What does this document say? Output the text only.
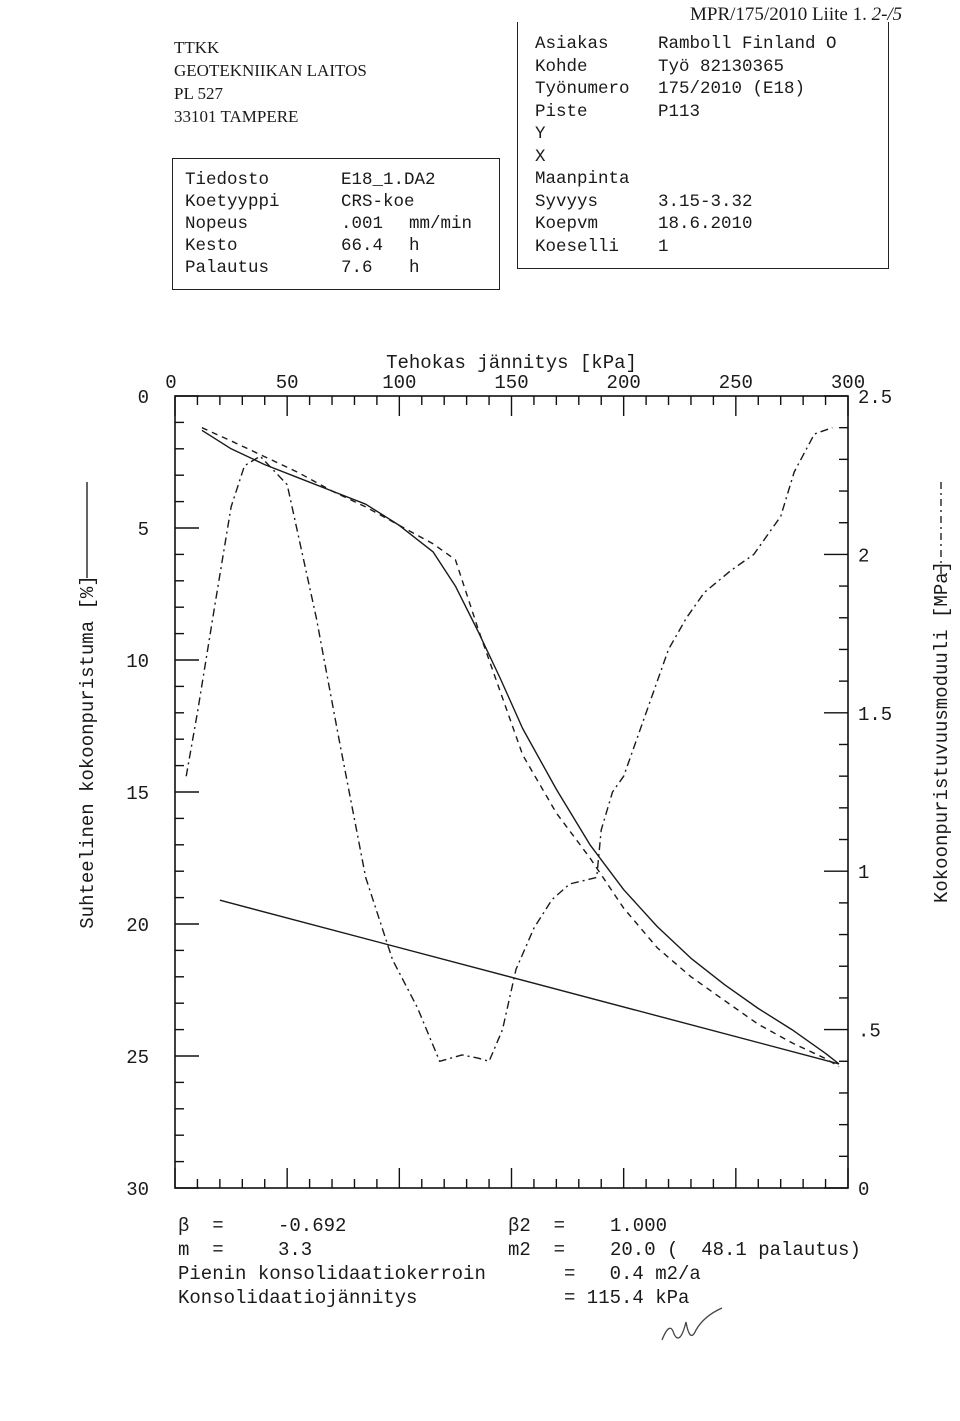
MPR/175/2010 Liite 1. 2-/5
TTKK
GEOTEKNIIKAN LAITOS
PL 527
33101 TAMPERE
Tiedosto	E18_1.DA2
Koetyyppi	CRS-koe
Nopeus	.001 mm/min
Kesto	66.4 h
Palautus	7.6 h
Asiakas	Ramboll Finland O
Kohde	Työ 82130365
Työnumero 175/2010 (E18)
Piste	P113
Y
X
Maanpinta
Syvyys	3.15-3.32
Koepvm	18.6.2010
Koeselli 1
0	50	100	150	200	250	300
0
5
10
15
20
25
30
2.5
2
1.5
1
.5
0
Tehokas jännitys [kPa]
Suhteelinen kokoonpuristuma [%]	Kokoonpuristuvuusmoduuli [MPa]
β  =	-0.692	β2  = 1.000
m  =	3.3	m2  = 20.0 (  48.1 palautus)
Pienin konsolidaatiokerroin	=   0.4 m2/a
Konsolidaatiojännitys	= 115.4 kPa
